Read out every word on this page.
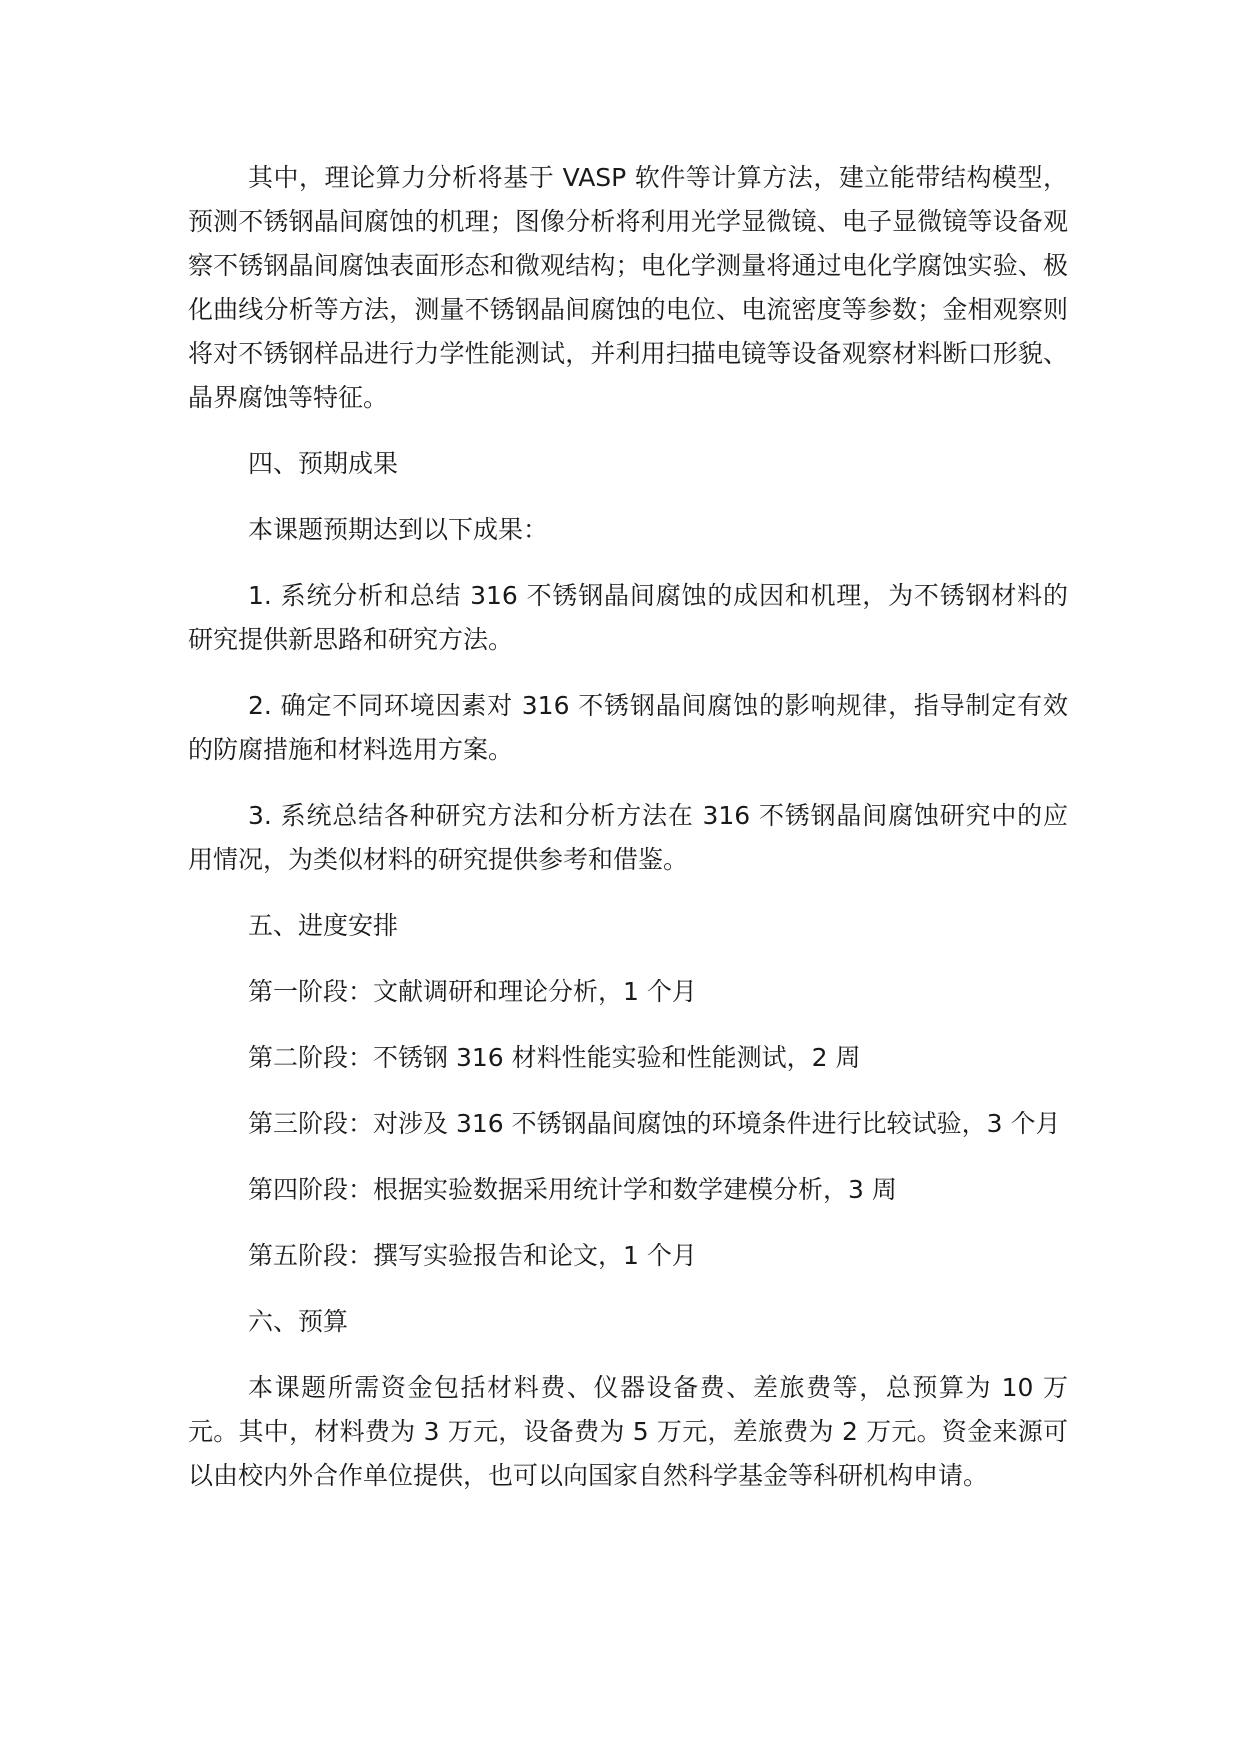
其中，理论算力分析将基于 VASP 软件等计算方法，建立能带结构模型，预测不锈钢晶间腐蚀的机理；图像分析将利用光学显微镜、电子显微镜等设备观察不锈钢晶间腐蚀表面形态和微观结构；电化学测量将通过电化学腐蚀实验、极化曲线分析等方法，测量不锈钢晶间腐蚀的电位、电流密度等参数；金相观察则将对不锈钢样品进行力学性能测试，并利用扫描电镜等设备观察材料断口形貌、晶界腐蚀等特征。

四、预期成果

本课题预期达到以下成果：

1. 系统分析和总结 316 不锈钢晶间腐蚀的成因和机理，为不锈钢材料的研究提供新思路和研究方法。

2. 确定不同环境因素对 316 不锈钢晶间腐蚀的影响规律，指导制定有效的防腐措施和材料选用方案。

3. 系统总结各种研究方法和分析方法在 316 不锈钢晶间腐蚀研究中的应用情况，为类似材料的研究提供参考和借鉴。

五、进度安排

第一阶段：文献调研和理论分析，1 个月

第二阶段：不锈钢 316 材料性能实验和性能测试，2 周

第三阶段：对涉及 316 不锈钢晶间腐蚀的环境条件进行比较试验，3 个月

第四阶段：根据实验数据采用统计学和数学建模分析，3 周

第五阶段：撰写实验报告和论文，1 个月

六、预算

本课题所需资金包括材料费、仪器设备费、差旅费等，总预算为 10 万元。其中，材料费为 3 万元，设备费为 5 万元，差旅费为 2 万元。资金来源可以由校内外合作单位提供，也可以向国家自然科学基金等科研机构申请。
